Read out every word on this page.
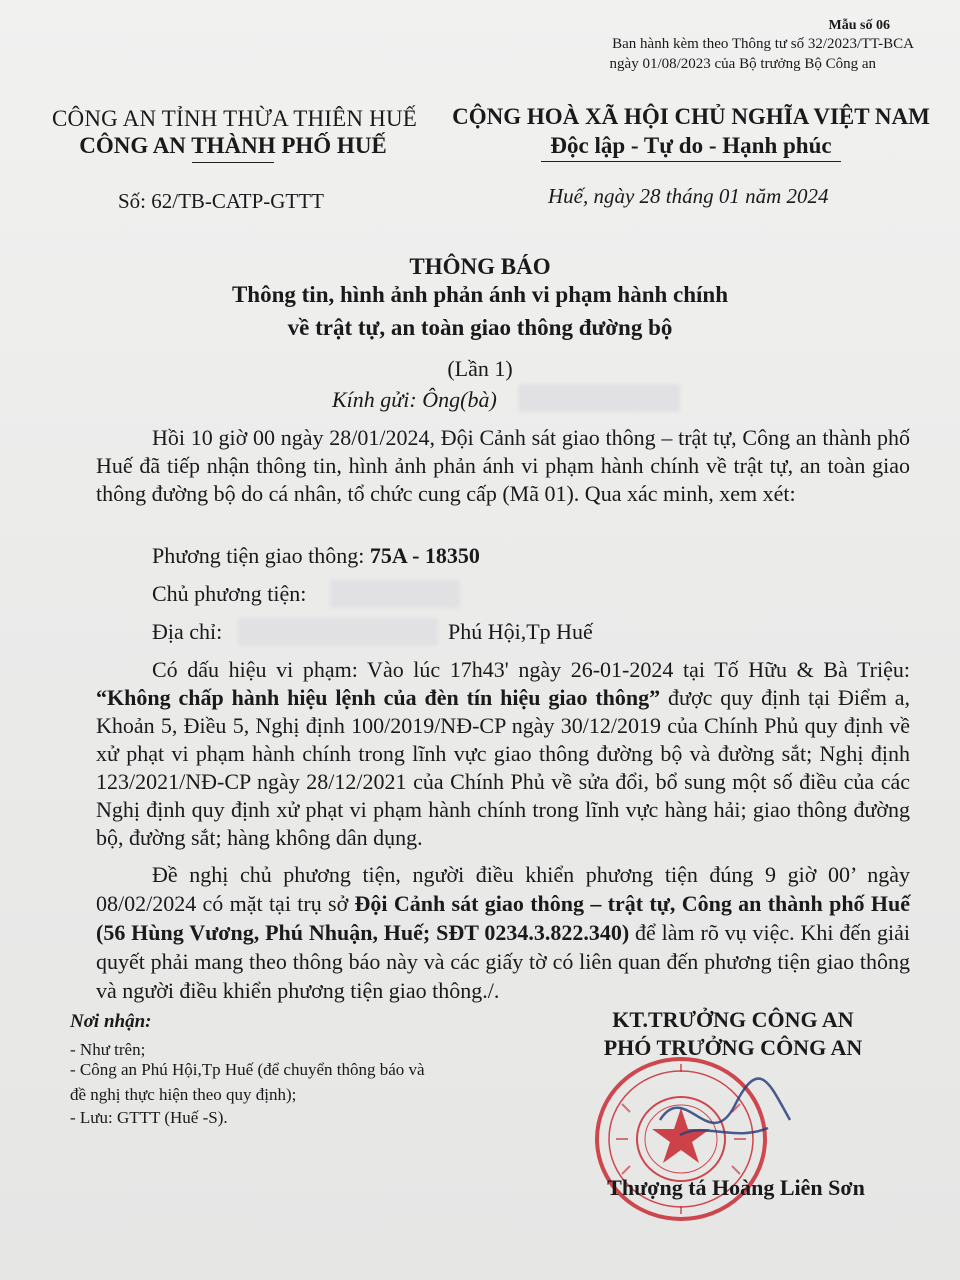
Mẫu số 06
Ban hành kèm theo Thông tư số 32/2023/TT-BCA
ngày 01/08/2023 của Bộ trưởng Bộ Công an
CÔNG AN TỈNH THỪA THIÊN HUẾ
CÔNG AN THÀNH PHỐ HUẾ
CỘNG HOÀ XÃ HỘI CHỦ NGHĨA VIỆT NAM
Độc lập - Tự do - Hạnh phúc
Số: 62/TB-CATP-GTTT	Huế, ngày 28 tháng 01 năm 2024
THÔNG BÁO
Thông tin, hình ảnh phản ánh vi phạm hành chính
về trật tự, an toàn giao thông đường bộ
(Lần 1)
Kính gửi: Ông(bà)
Hồi 10 giờ 00 ngày 28/01/2024, Đội Cảnh sát giao thông – trật tự, Công an thành phố Huế đã tiếp nhận thông tin, hình ảnh phản ánh vi phạm hành chính về trật tự, an toàn giao thông đường bộ do cá nhân, tổ chức cung cấp (Mã 01). Qua xác minh, xem xét:
Phương tiện giao thông: 75A - 18350
Chủ phương tiện:
Địa chỉ:	Phú Hội,Tp Huế
Có dấu hiệu vi phạm: Vào lúc 17h43' ngày 26-01-2024 tại Tố Hữu & Bà Triệu: “Không chấp hành hiệu lệnh của đèn tín hiệu giao thông” được quy định tại Điểm a, Khoản 5, Điều 5, Nghị định 100/2019/NĐ-CP ngày 30/12/2019 của Chính Phủ quy định về xử phạt vi phạm hành chính trong lĩnh vực giao thông đường bộ và đường sắt; Nghị định 123/2021/NĐ-CP ngày 28/12/2021 của Chính Phủ về sửa đổi, bổ sung một số điều của các Nghị định quy định xử phạt vi phạm hành chính trong lĩnh vực hàng hải; giao thông đường bộ, đường sắt; hàng không dân dụng.
Đề nghị chủ phương tiện, người điều khiển phương tiện đúng 9 giờ 00’ ngày 08/02/2024 có mặt tại trụ sở Đội Cảnh sát giao thông – trật tự, Công an thành phố Huế (56 Hùng Vương, Phú Nhuận, Huế; SĐT 0234.3.822.340) để làm rõ vụ việc. Khi đến giải quyết phải mang theo thông báo này và các giấy tờ có liên quan đến phương tiện giao thông và người điều khiển phương tiện giao thông./.
Nơi nhận:
- Như trên;
- Công an Phú Hội,Tp Huế (để chuyển thông báo và
đề nghị thực hiện theo quy định);
- Lưu: GTTT (Huế -S).
KT.TRƯỞNG CÔNG AN
PHÓ TRƯỞNG CÔNG AN
Thượng tá Hoàng Liên Sơn
